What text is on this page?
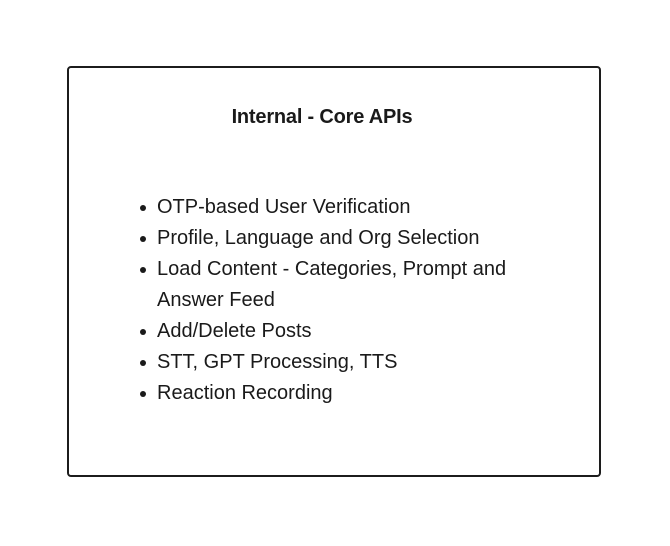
Internal - Core APIs
OTP-based User Verification
Profile, Language and Org Selection
Load Content - Categories, Prompt and Answer Feed
Add/Delete Posts
STT, GPT Processing, TTS
Reaction Recording
